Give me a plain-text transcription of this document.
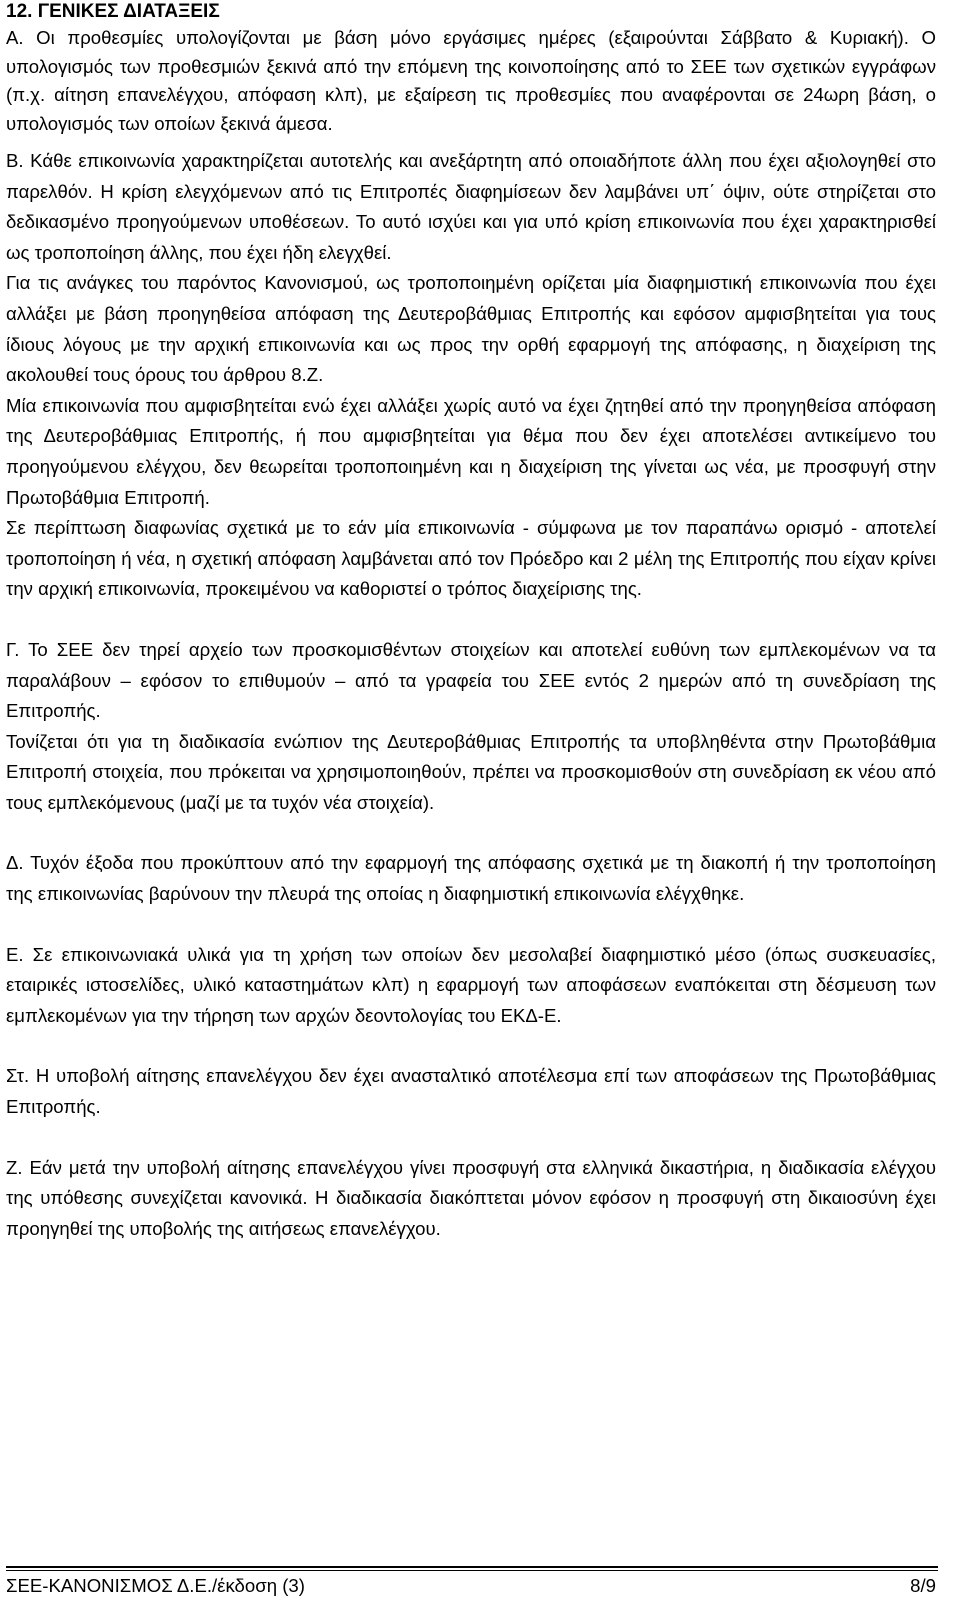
12. ΓΕΝΙΚΕΣ ΔΙΑΤΑΞΕΙΣ

Α. Οι προθεσμίες υπολογίζονται με βάση μόνο εργάσιμες ημέρες (εξαιρούνται Σάββατο & Κυριακή). Ο υπολογισμός των προθεσμιών ξεκινά από την επόμενη της κοινοποίησης από το ΣΕΕ των σχετικών εγγράφων (π.χ. αίτηση επανελέγχου, απόφαση κλπ), με εξαίρεση τις προθεσμίες που αναφέρονται σε 24ωρη βάση, ο υπολογισμός των οποίων ξεκινά άμεσα.

Β. Κάθε επικοινωνία χαρακτηρίζεται αυτοτελής και ανεξάρτητη από οποιαδήποτε άλλη που έχει αξιολογηθεί στο παρελθόν. Η κρίση ελεγχόμενων από τις Επιτροπές διαφημίσεων δεν λαμβάνει υπ΄ όψιν, ούτε στηρίζεται στο δεδικασμένο προηγούμενων υποθέσεων. Το αυτό ισχύει και για υπό κρίση επικοινωνία που έχει χαρακτηρισθεί ως τροποποίηση άλλης, που έχει ήδη ελεγχθεί.

Για τις ανάγκες του παρόντος Κανονισμού, ως τροποποιημένη ορίζεται μία διαφημιστική επικοινωνία που έχει αλλάξει με βάση προηγηθείσα απόφαση της Δευτεροβάθμιας Επιτροπής και εφόσον αμφισβητείται για τους ίδιους λόγους με την αρχική επικοινωνία και ως προς την ορθή εφαρμογή της απόφασης, η διαχείριση της ακολουθεί τους όρους του άρθρου 8.Ζ.

Μία επικοινωνία που αμφισβητείται ενώ έχει αλλάξει χωρίς αυτό να έχει ζητηθεί από την προηγηθείσα απόφαση της Δευτεροβάθμιας Επιτροπής, ή που αμφισβητείται για θέμα που δεν έχει αποτελέσει αντικείμενο του προηγούμενου ελέγχου, δεν θεωρείται τροποποιημένη και η διαχείριση της γίνεται ως νέα, με προσφυγή στην Πρωτοβάθμια Επιτροπή.

Σε περίπτωση διαφωνίας σχετικά με το εάν μία επικοινωνία - σύμφωνα με τον παραπάνω ορισμό - αποτελεί τροποποίηση ή νέα, η σχετική απόφαση λαμβάνεται από τον Πρόεδρο και 2 μέλη της Επιτροπής που είχαν κρίνει την αρχική επικοινωνία, προκειμένου να καθοριστεί ο τρόπος διαχείρισης της.

Γ. Το ΣΕΕ δεν τηρεί αρχείο των προσκομισθέντων στοιχείων και αποτελεί ευθύνη των εμπλεκομένων να τα παραλάβουν – εφόσον το επιθυμούν – από τα γραφεία του ΣΕΕ εντός 2 ημερών από τη συνεδρίαση της Επιτροπής.

Τονίζεται ότι για τη διαδικασία ενώπιον της Δευτεροβάθμιας Επιτροπής τα υποβληθέντα στην Πρωτοβάθμια Επιτροπή στοιχεία, που πρόκειται να χρησιμοποιηθούν, πρέπει να προσκομισθούν στη συνεδρίαση εκ νέου από τους εμπλεκόμενους (μαζί με τα τυχόν νέα στοιχεία).

Δ. Τυχόν έξοδα που προκύπτουν από την εφαρμογή της απόφασης σχετικά με τη διακοπή ή την τροποποίηση της επικοινωνίας βαρύνουν την πλευρά της οποίας η διαφημιστική επικοινωνία ελέγχθηκε.

Ε. Σε επικοινωνιακά υλικά για τη χρήση των οποίων δεν μεσολαβεί διαφημιστικό μέσο (όπως συσκευασίες, εταιρικές ιστοσελίδες, υλικό καταστημάτων κλπ) η εφαρμογή των αποφάσεων εναπόκειται στη δέσμευση των εμπλεκομένων για την τήρηση των αρχών δεοντολογίας του ΕΚΔ-Ε.

Στ. Η υποβολή αίτησης επανελέγχου δεν έχει ανασταλτικό αποτέλεσμα επί των αποφάσεων της Πρωτοβάθμιας Επιτροπής.

Ζ. Εάν μετά την υποβολή αίτησης επανελέγχου γίνει προσφυγή στα ελληνικά δικαστήρια, η διαδικασία ελέγχου της υπόθεσης συνεχίζεται κανονικά. Η διαδικασία διακόπτεται μόνον εφόσον η προσφυγή στη δικαιοσύνη έχει προηγηθεί της υποβολής της αιτήσεως επανελέγχου.

ΣΕΕ-ΚΑΝΟΝΙΣΜΟΣ Δ.Ε./έκδοση (3)	8/9
